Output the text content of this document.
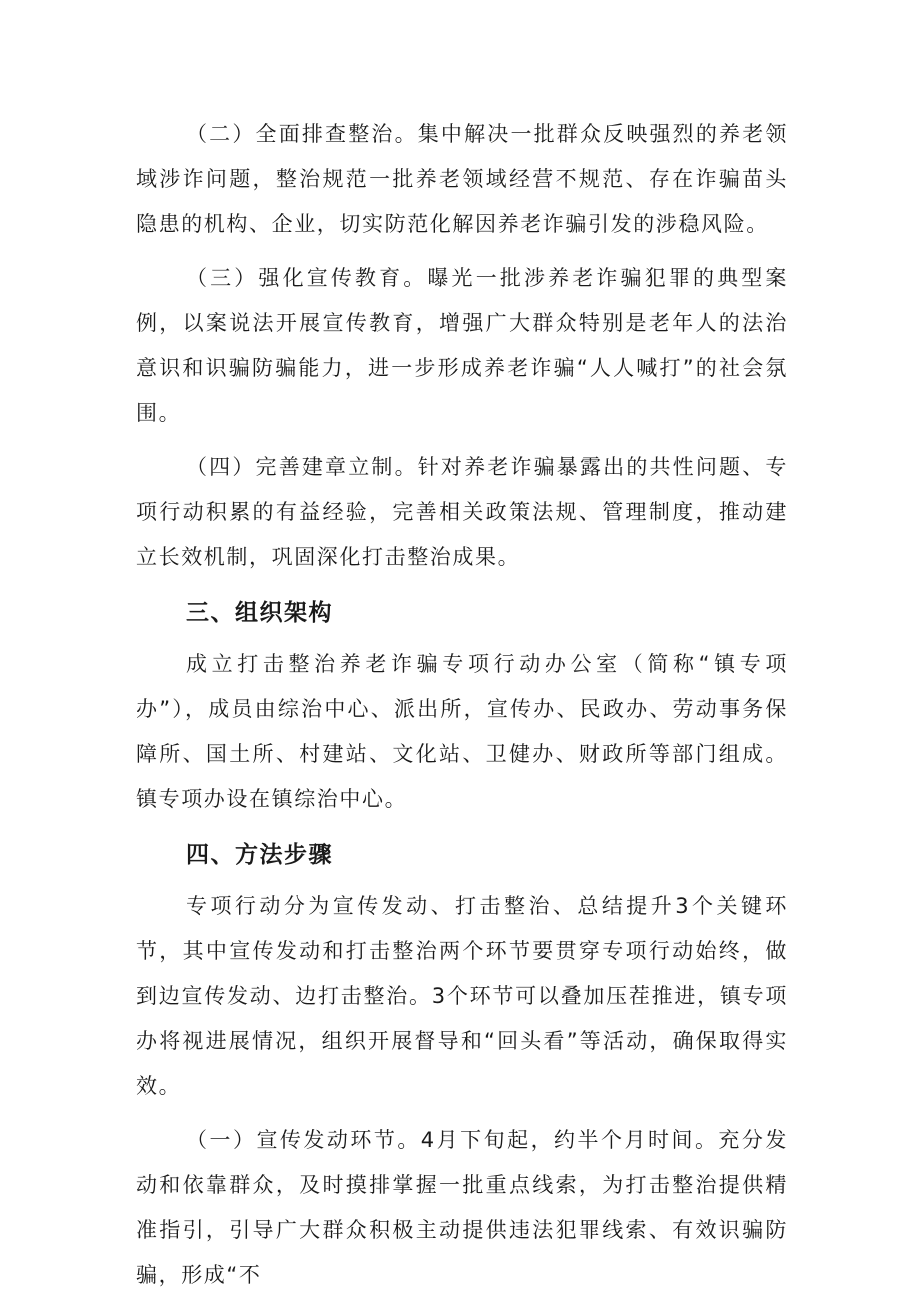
（二）全面排查整治。集中解决一批群众反映强烈的养老领域涉诈问题，整治规范一批养老领域经营不规范、存在诈骗苗头隐患的机构、企业，切实防范化解因养老诈骗引发的涉稳风险。

（三）强化宣传教育。曝光一批涉养老诈骗犯罪的典型案例，以案说法开展宣传教育，增强广大群众特别是老年人的法治意识和识骗防骗能力，进一步形成养老诈骗“人人喊打”的社会氛围。

（四）完善建章立制。针对养老诈骗暴露出的共性问题、专项行动积累的有益经验，完善相关政策法规、管理制度，推动建立长效机制，巩固深化打击整治成果。

三、组织架构

成立打击整治养老诈骗专项行动办公室（简称“镇专项办”），成员由综治中心、派出所，宣传办、民政办、劳动事务保障所、国土所、村建站、文化站、卫健办、财政所等部门组成。镇专项办设在镇综治中心。

四、方法步骤

专项行动分为宣传发动、打击整治、总结提升3个关键环节，其中宣传发动和打击整治两个环节要贯穿专项行动始终，做到边宣传发动、边打击整治。3个环节可以叠加压茬推进，镇专项办将视进展情况，组织开展督导和“回头看”等活动，确保取得实效。

（一）宣传发动环节。4月下旬起，约半个月时间。充分发动和依靠群众，及时摸排掌握一批重点线索，为打击整治提供精准指引，引导广大群众积极主动提供违法犯罪线索、有效识骗防骗，形成“不
